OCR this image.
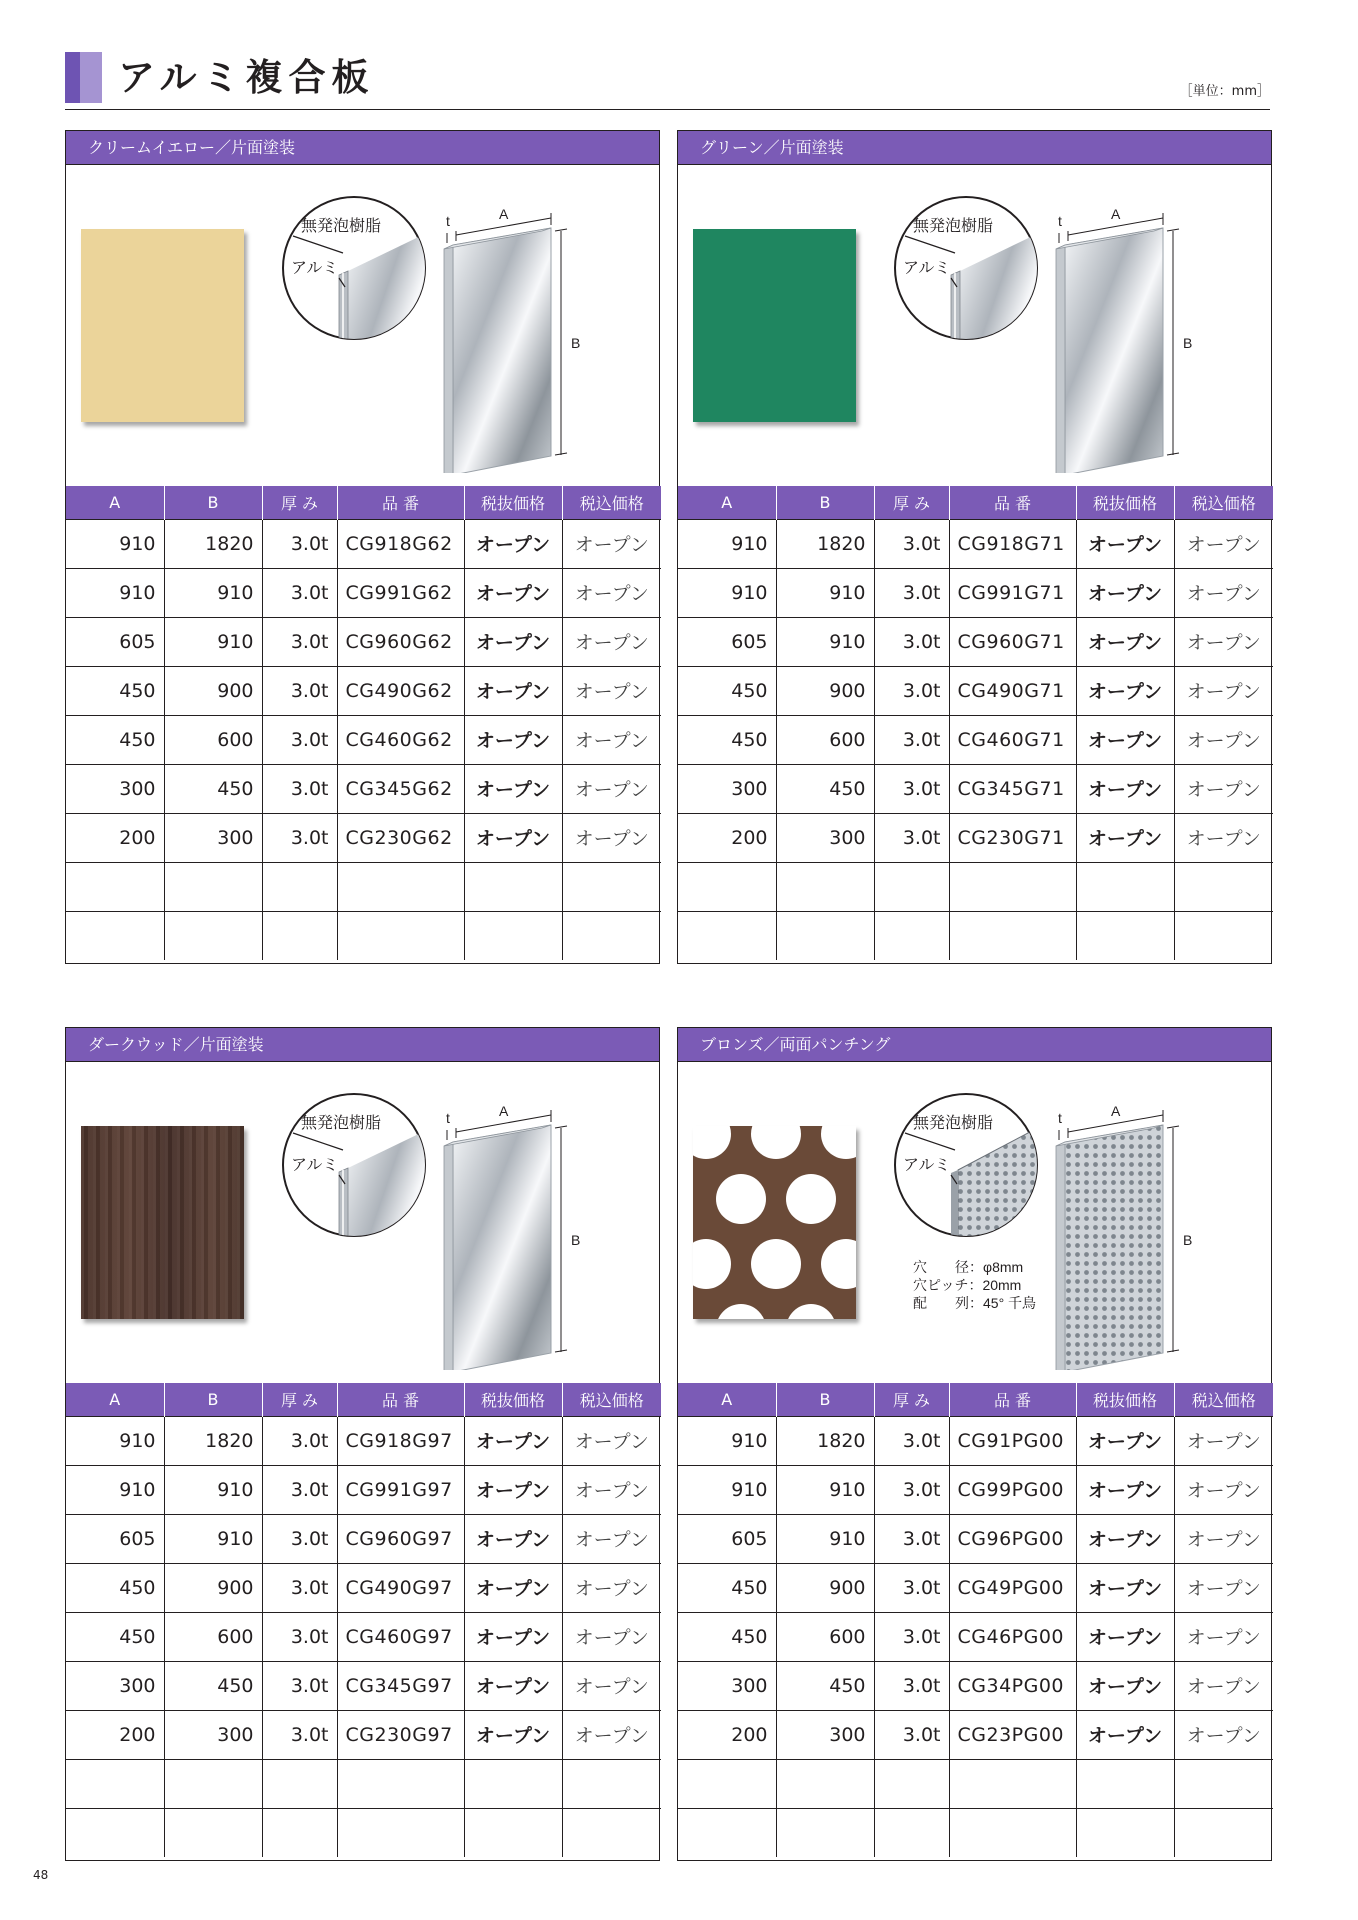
アルミ複合板	［単位：mm］
クリームイエロー／片面塗装
無発泡樹脂
アルミ
t	A
B
A	B	厚 み	品 番	税抜価格	税込価格
910	1820	3.0t	CG918G62	オープン	オープン
910	910	3.0t	CG991G62	オープン	オープン
605	910	3.0t	CG960G62	オープン	オープン
450	900	3.0t	CG490G62	オープン	オープン
450	600	3.0t	CG460G62	オープン	オープン
300	450	3.0t	CG345G62	オープン	オープン
200	300	3.0t	CG230G62	オープン	オープン

グリーン／片面塗装
無発泡樹脂
アルミ
t	A
B
A	B	厚 み	品 番	税抜価格	税込価格
910	1820	3.0t	CG918G71	オープン	オープン
910	910	3.0t	CG991G71	オープン	オープン
605	910	3.0t	CG960G71	オープン	オープン
450	900	3.0t	CG490G71	オープン	オープン
450	600	3.0t	CG460G71	オープン	オープン
300	450	3.0t	CG345G71	オープン	オープン
200	300	3.0t	CG230G71	オープン	オープン

ダークウッド／片面塗装
無発泡樹脂
アルミ
t	A
B
A	B	厚 み	品 番	税抜価格	税込価格
910	1820	3.0t	CG918G97	オープン	オープン
910	910	3.0t	CG991G97	オープン	オープン
605	910	3.0t	CG960G97	オープン	オープン
450	900	3.0t	CG490G97	オープン	オープン
450	600	3.0t	CG460G97	オープン	オープン
300	450	3.0t	CG345G97	オープン	オープン
200	300	3.0t	CG230G97	オープン	オープン

ブロンズ／両面パンチング
無発泡樹脂
アルミ
t	A
B
穴　　径：φ8mm
穴ピッチ：20mm
配　　列：45° 千鳥
A	B	厚 み	品 番	税抜価格	税込価格
910	1820	3.0t	CG91PG00	オープン	オープン
910	910	3.0t	CG99PG00	オープン	オープン
605	910	3.0t	CG96PG00	オープン	オープン
450	900	3.0t	CG49PG00	オープン	オープン
450	600	3.0t	CG46PG00	オープン	オープン
300	450	3.0t	CG34PG00	オープン	オープン
200	300	3.0t	CG23PG00	オープン	オープン

48
